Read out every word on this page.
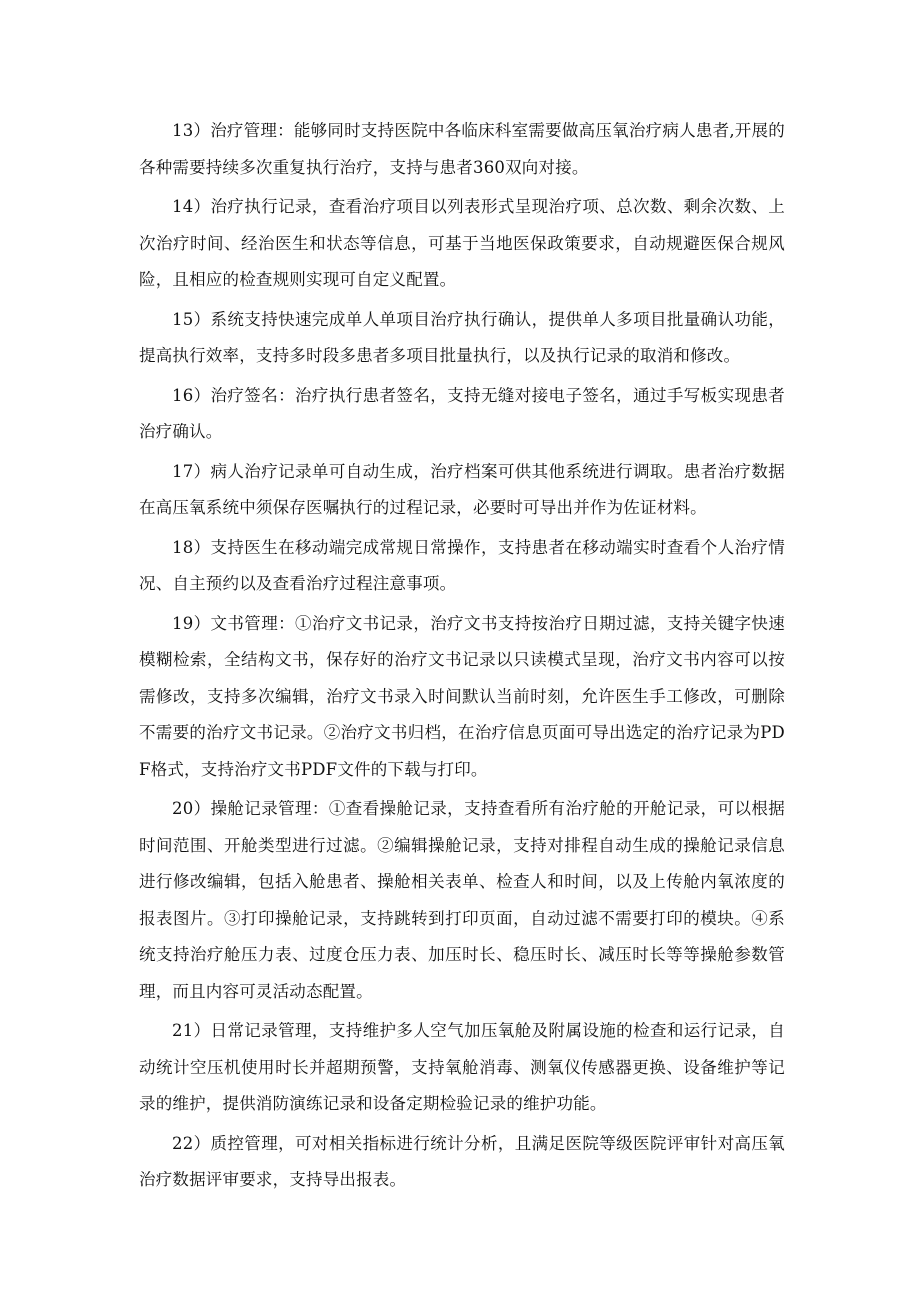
13）治疗管理：能够同时支持医院中各临床科室需要做高压氧治疗病人患者,开展的各种需要持续多次重复执行治疗，支持与患者360双向对接。

14）治疗执行记录，查看治疗项目以列表形式呈现治疗项、总次数、剩余次数、上次治疗时间、经治医生和状态等信息，可基于当地医保政策要求，自动规避医保合规风险，且相应的检查规则实现可自定义配置。

15）系统支持快速完成单人单项目治疗执行确认，提供单人多项目批量确认功能，提高执行效率，支持多时段多患者多项目批量执行，以及执行记录的取消和修改。

16）治疗签名：治疗执行患者签名，支持无缝对接电子签名，通过手写板实现患者治疗确认。

17）病人治疗记录单可自动生成，治疗档案可供其他系统进行调取。患者治疗数据在高压氧系统中须保存医嘱执行的过程记录，必要时可导出并作为佐证材料。

18）支持医生在移动端完成常规日常操作，支持患者在移动端实时查看个人治疗情况、自主预约以及查看治疗过程注意事项。

19）文书管理：①治疗文书记录，治疗文书支持按治疗日期过滤，支持关键字快速模糊检索，全结构文书，保存好的治疗文书记录以只读模式呈现，治疗文书内容可以按需修改，支持多次编辑，治疗文书录入时间默认当前时刻，允许医生手工修改，可删除不需要的治疗文书记录。②治疗文书归档，在治疗信息页面可导出选定的治疗记录为PDF格式，支持治疗文书PDF文件的下载与打印。

20）操舱记录管理：①查看操舱记录，支持查看所有治疗舱的开舱记录，可以根据时间范围、开舱类型进行过滤。②编辑操舱记录，支持对排程自动生成的操舱记录信息进行修改编辑，包括入舱患者、操舱相关表单、检查人和时间，以及上传舱内氧浓度的报表图片。③打印操舱记录，支持跳转到打印页面，自动过滤不需要打印的模块。④系统支持治疗舱压力表、过度仓压力表、加压时长、稳压时长、减压时长等等操舱参数管理，而且内容可灵活动态配置。

21）日常记录管理，支持维护多人空气加压氧舱及附属设施的检查和运行记录，自动统计空压机使用时长并超期预警，支持氧舱消毒、测氧仪传感器更换、设备维护等记录的维护，提供消防演练记录和设备定期检验记录的维护功能。

22）质控管理，可对相关指标进行统计分析，且满足医院等级医院评审针对高压氧治疗数据评审要求，支持导出报表。
